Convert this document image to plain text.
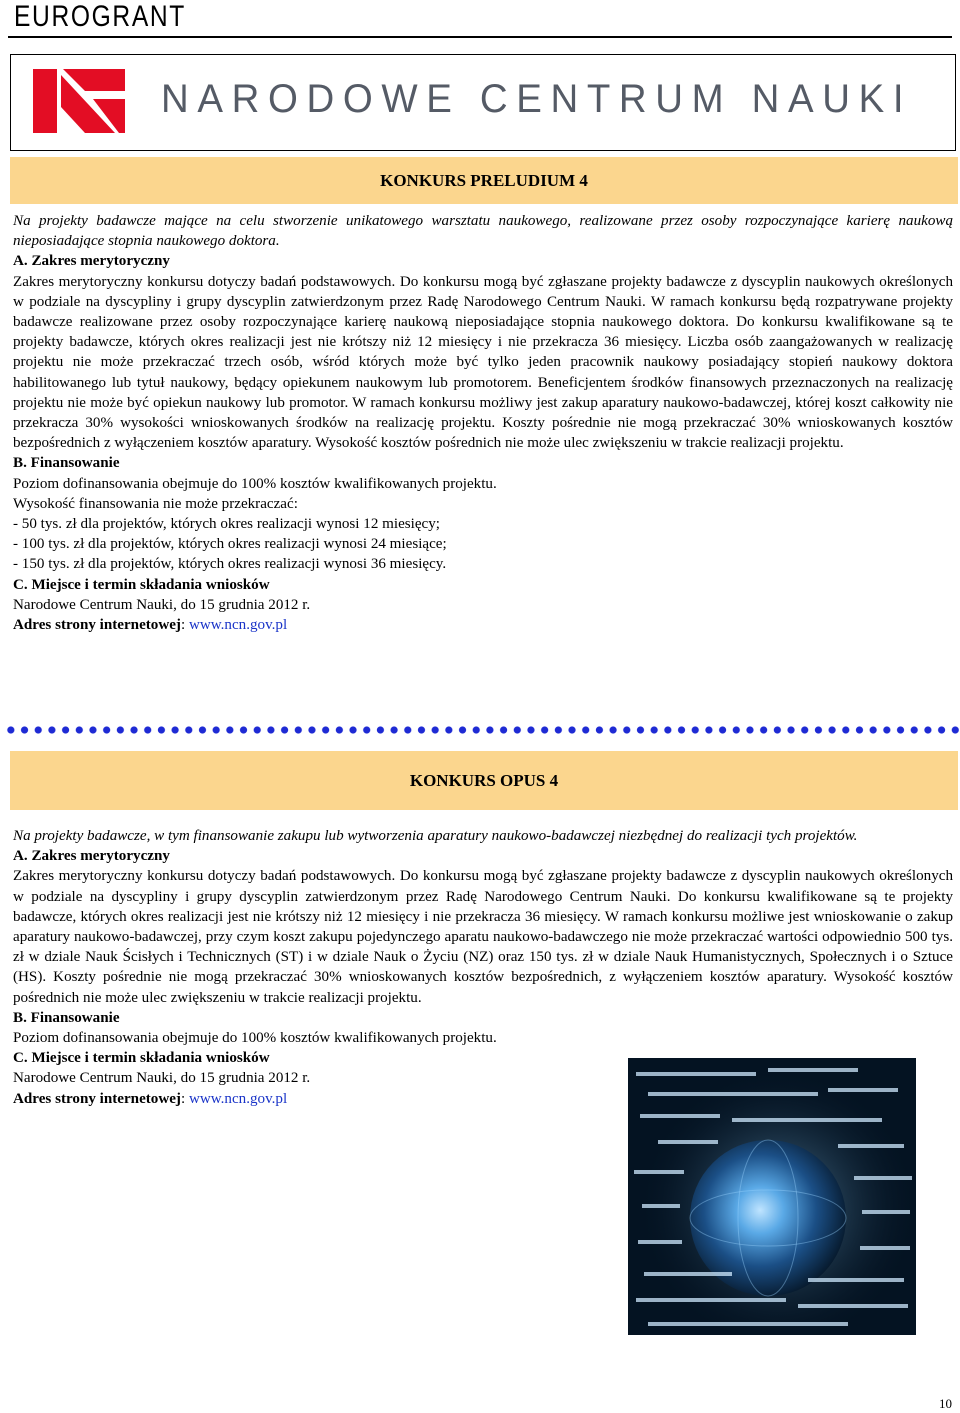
EUROGRANT
NARODOWE CENTRUM NAUKI
KONKURS PRELUDIUM 4

Na projekty badawcze mające na celu stworzenie unikatowego warsztatu naukowego, realizowane przez osoby rozpoczynające karierę naukową nieposiadające stopnia naukowego doktora.

A. Zakres merytoryczny

Zakres merytoryczny konkursu dotyczy badań podstawowych. Do konkursu mogą być zgłaszane projekty badawcze z dyscyplin naukowych określonych w podziale na dyscypliny i grupy dyscyplin zatwierdzonym przez Radę Narodowego Centrum Nauki. W ramach konkursu będą rozpatrywane projekty badawcze realizowane przez osoby rozpoczynające karierę naukową nieposiadające stopnia naukowego doktora. Do konkursu kwalifikowane są te projekty badawcze, których okres realizacji jest nie krótszy niż 12 miesięcy i nie przekracza 36 miesięcy. Liczba osób zaangażowanych w realizację projektu nie może przekraczać trzech osób, wśród których może być tylko jeden pracownik naukowy posiadający stopień naukowy doktora habilitowanego lub tytuł naukowy, będący opiekunem naukowym lub promotorem. Beneficjentem środków finansowych przeznaczonych na realizację projektu nie może być opiekun naukowy lub promotor. W ramach konkursu możliwy jest zakup aparatury naukowo-badawczej, której koszt całkowity nie przekracza 30% wysokości wnioskowanych środków na realizację projektu. Koszty pośrednie nie mogą przekraczać 30% wnioskowanych kosztów bezpośrednich z wyłączeniem kosztów aparatury. Wysokość kosztów pośrednich nie może ulec zwiększeniu w trakcie realizacji projektu.

B. Finansowanie

Poziom dofinansowania obejmuje do 100% kosztów kwalifikowanych projektu.

Wysokość finansowania nie może przekraczać:

- 50 tys. zł dla projektów, których okres realizacji wynosi 12 miesięcy;

- 100 tys. zł dla projektów, których okres realizacji wynosi 24 miesiące;

- 150 tys. zł dla projektów, których okres realizacji wynosi 36 miesięcy.

C. Miejsce i termin składania wniosków

Narodowe Centrum Nauki, do 15 grudnia 2012 r.

Adres strony internetowej: www.ncn.gov.pl

KONKURS OPUS 4

Na projekty badawcze, w tym finansowanie zakupu lub wytworzenia aparatury naukowo-badawczej niezbędnej do realizacji tych projektów.

A. Zakres merytoryczny

Zakres merytoryczny konkursu dotyczy badań podstawowych. Do konkursu mogą być zgłaszane projekty badawcze z dyscyplin naukowych określonych w podziale na dyscypliny i grupy dyscyplin zatwierdzonym przez Radę Narodowego Centrum Nauki. Do konkursu kwalifikowane są te projekty badawcze, których okres realizacji jest nie krótszy niż 12 miesięcy i nie przekracza 36 miesięcy. W ramach konkursu możliwe jest wnioskowanie o zakup aparatury naukowo-badawczej, przy czym koszt zakupu pojedynczego aparatu naukowo-badawczego nie może przekraczać wartości odpowiednio 500 tys. zł w dziale Nauk Ścisłych i Technicznych (ST) i w dziale Nauk o Życiu (NZ) oraz 150 tys. zł w dziale Nauk Humanistycznych, Społecznych i o Sztuce (HS). Koszty pośrednie nie mogą przekraczać 30% wnioskowanych kosztów bezpośrednich, z wyłączeniem kosztów aparatury. Wysokość kosztów pośrednich nie może ulec zwiększeniu w trakcie realizacji projektu.

B. Finansowanie

Poziom dofinansowania obejmuje do 100% kosztów kwalifikowanych projektu.

C. Miejsce i termin składania wniosków

Narodowe Centrum Nauki, do 15 grudnia 2012 r.

Adres strony internetowej: www.ncn.gov.pl

10
